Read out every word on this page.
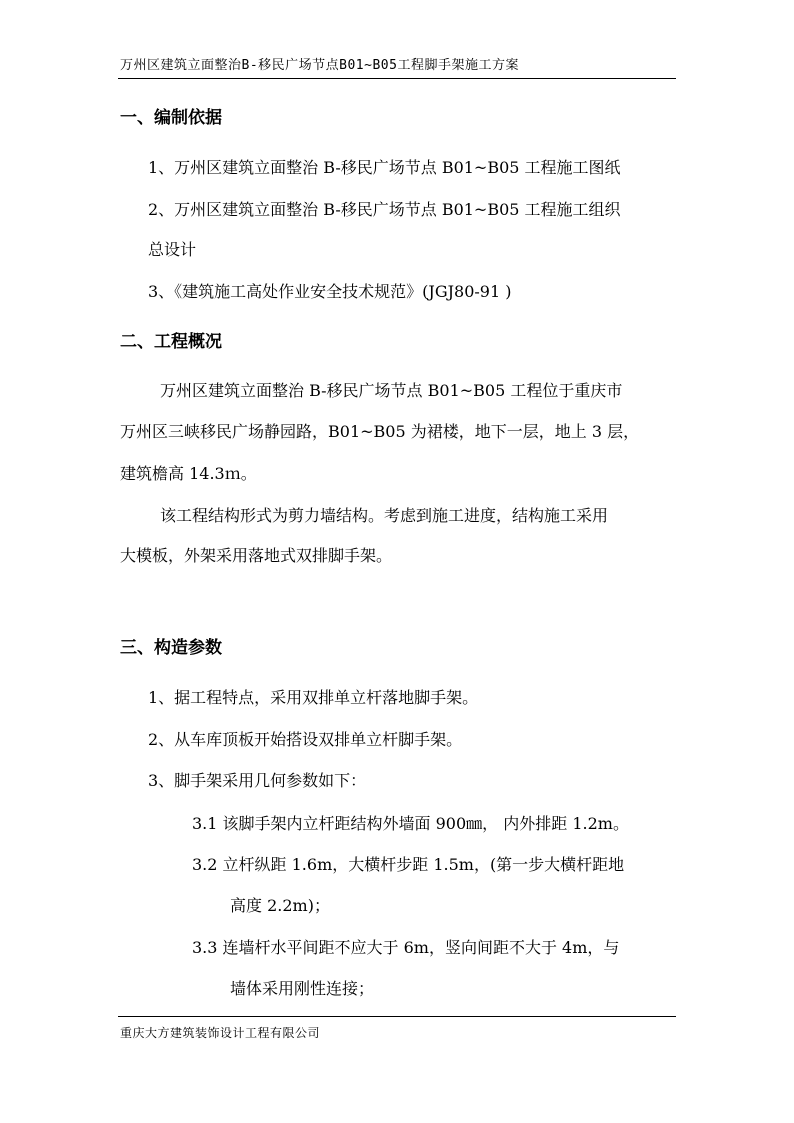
万州区建筑立面整治B-移民广场节点B01~B05工程脚手架施工方案
一、编制依据
1、万州区建筑立面整治 B-移民广场节点 B01~B05 工程施工图纸
2、万州区建筑立面整治 B-移民广场节点 B01~B05 工程施工组织
总设计
3、《建筑施工高处作业安全技术规范》(JGJ80-91 )
二、工程概况
万州区建筑立面整治 B-移民广场节点 B01~B05 工程位于重庆市
万州区三峡移民广场静园路，B01~B05 为裙楼，地下一层，地上 3 层，
建筑檐高 14.3ｍ。
该工程结构形式为剪力墙结构。考虑到施工进度，结构施工采用
大模板，外架采用落地式双排脚手架。
三、构造参数
1、据工程特点，采用双排单立杆落地脚手架。
2、从车库顶板开始搭设双排单立杆脚手架。
3、脚手架采用几何参数如下：
3.1 该脚手架内立杆距结构外墙面 900㎜， 内外排距 1.2m。
3.2 立杆纵距 1.6m，大横杆步距 1.5m，(第一步大横杆距地
高度 2.2m)；
3.3 连墙杆水平间距不应大于 6m，竖向间距不大于 4m，与
墙体采用刚性连接；
重庆大方建筑装饰设计工程有限公司
